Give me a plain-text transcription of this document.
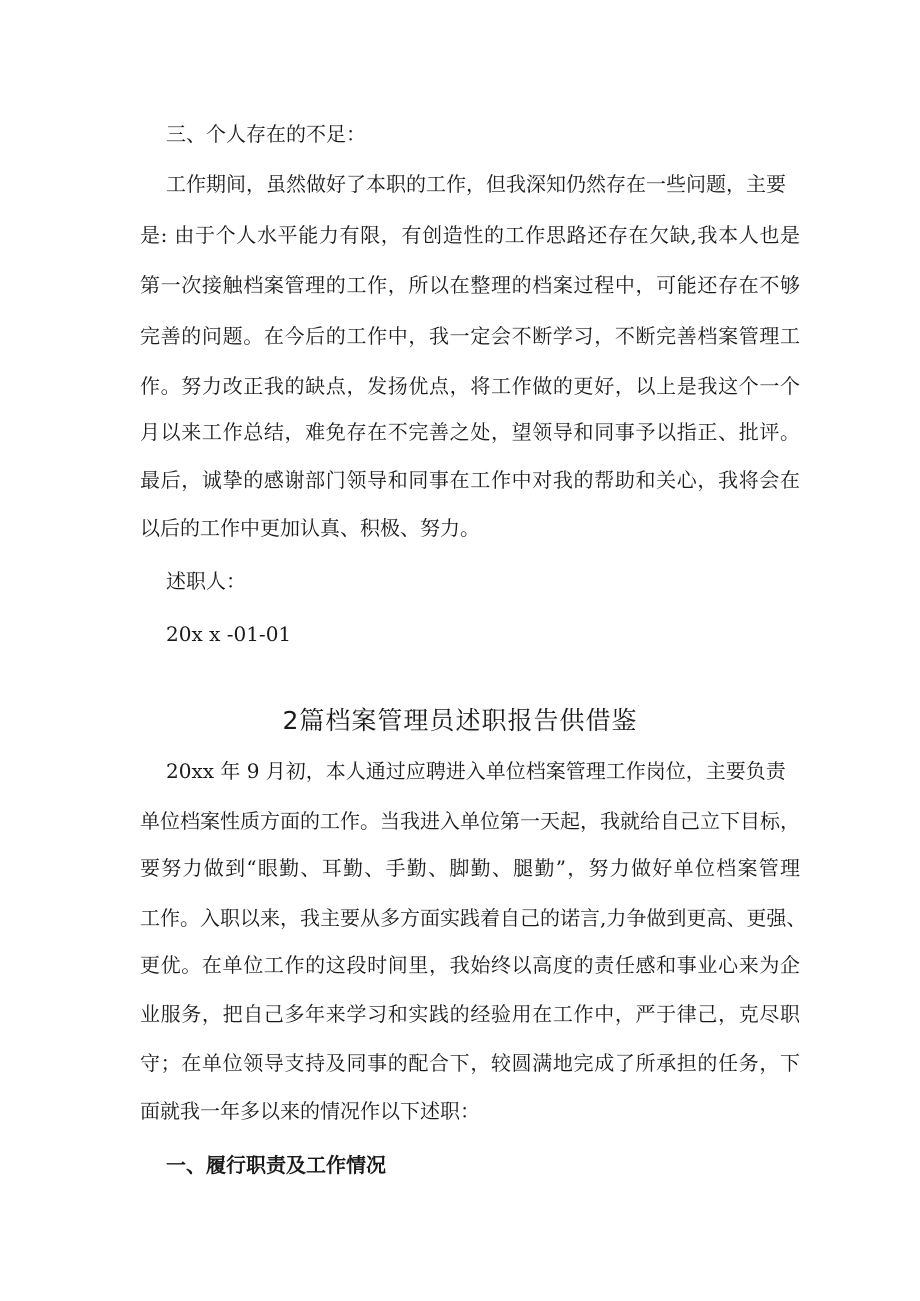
三、个人存在的不足：
工作期间，虽然做好了本职的工作，但我深知仍然存在一些问题，主要
是: 由于个人水平能力有限，有创造性的工作思路还存在欠缺,我本人也是
第一次接触档案管理的工作，所以在整理的档案过程中，可能还存在不够
完善的问题。在今后的工作中，我一定会不断学习，不断完善档案管理工
作。努力改正我的缺点，发扬优点，将工作做的更好，以上是我这个一个
月以来工作总结，难免存在不完善之处，望领导和同事予以指正、批评。
最后，诚挚的感谢部门领导和同事在工作中对我的帮助和关心，我将会在
以后的工作中更加认真、积极、努力。
述职人：
20x x -01-01
2篇档案管理员述职报告供借鉴
20xx 年 9 月初，本人通过应聘进入单位档案管理工作岗位，主要负责
单位档案性质方面的工作。当我进入单位第一天起，我就给自己立下目标，
要努力做到“眼勤、耳勤、手勤、脚勤、腿勤”，努力做好单位档案管理
工作。入职以来，我主要从多方面实践着自己的诺言,力争做到更高、更强、
更优。在单位工作的这段时间里，我始终以高度的责任感和事业心来为企
业服务，把自己多年来学习和实践的经验用在工作中，严于律己，克尽职
守；在单位领导支持及同事的配合下，较圆满地完成了所承担的任务，下
面就我一年多以来的情况作以下述职：
一、履行职责及工作情况
